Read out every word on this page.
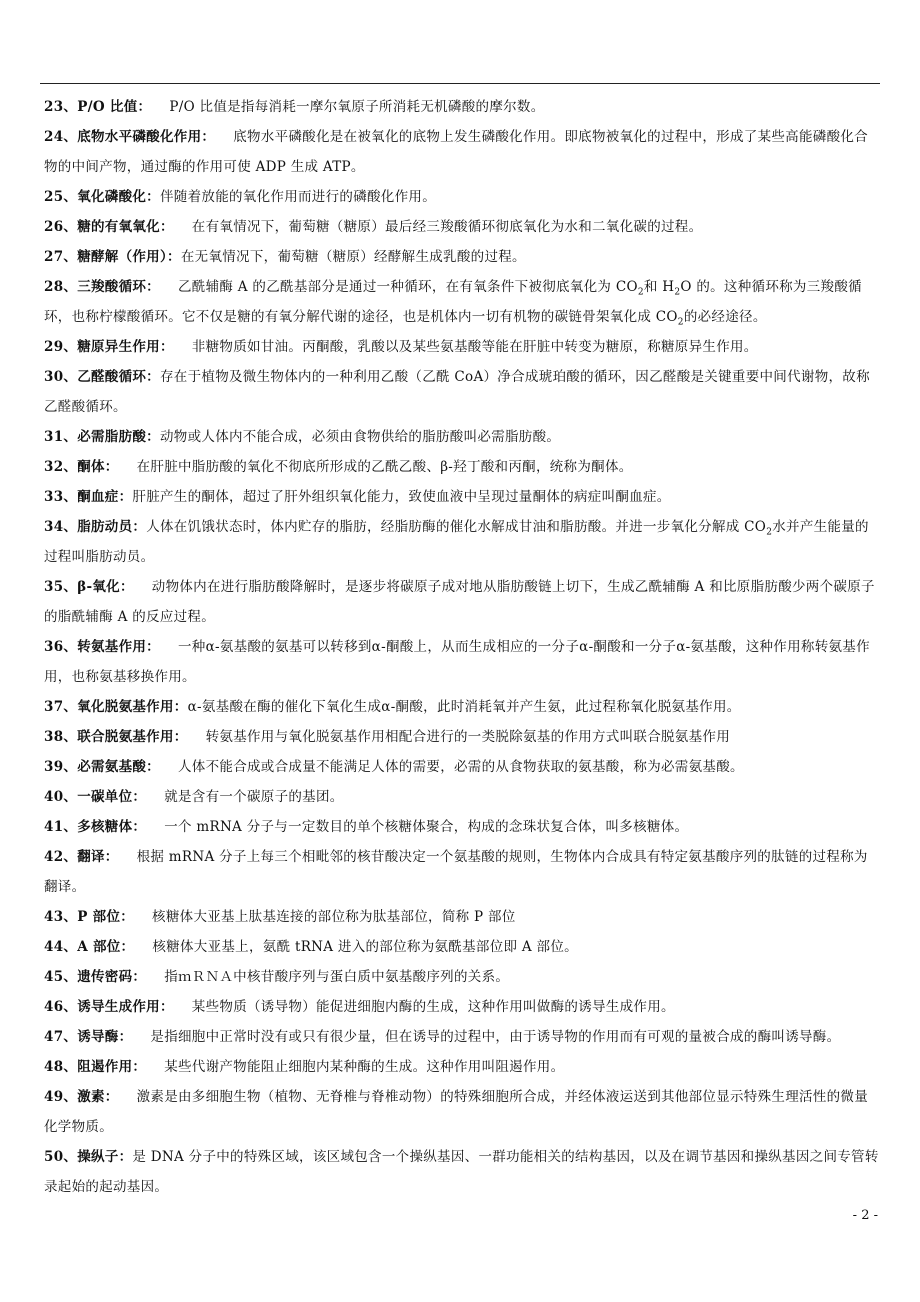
23、P/O 比值： P/O 比值是指每消耗一摩尔氧原子所消耗无机磷酸的摩尔数。
24、底物水平磷酸化作用： 底物水平磷酸化是在被氧化的底物上发生磷酸化作用。即底物被氧化的过程中，形成了某些高能磷酸化合物的中间产物，通过酶的作用可使 ADP 生成 ATP。
25、氧化磷酸化：伴随着放能的氧化作用而进行的磷酸化作用。
26、糖的有氧氧化： 在有氧情况下，葡萄糖（糖原）最后经三羧酸循环彻底氧化为水和二氧化碳的过程。
27、糖酵解（作用）：在无氧情况下，葡萄糖（糖原）经酵解生成乳酸的过程。
28、三羧酸循环： 乙酰辅酶 A 的乙酰基部分是通过一种循环，在有氧条件下被彻底氧化为 $CO_2$和 $H_2O$ 的。这种循环称为三羧酸循环，也称柠檬酸循环。它不仅是糖的有氧分解代谢的途径，也是机体内一切有机物的碳链骨架氧化成 $CO_2$的必经途径。
29、糖原异生作用： 非糖物质如甘油。丙酮酸，乳酸以及某些氨基酸等能在肝脏中转变为糖原，称糖原异生作用。
30、乙醛酸循环：存在于植物及微生物体内的一种利用乙酸（乙酰 CoA）净合成琥珀酸的循环，因乙醛酸是关键重要中间代谢物，故称乙醛酸循环。
31、必需脂肪酸：动物或人体内不能合成，必须由食物供给的脂肪酸叫必需脂肪酸。
32、酮体： 在肝脏中脂肪酸的氧化不彻底所形成的乙酰乙酸、β-羟丁酸和丙酮，统称为酮体。
33、酮血症：肝脏产生的酮体，超过了肝外组织氧化能力，致使血液中呈现过量酮体的病症叫酮血症。
34、脂肪动员：人体在饥饿状态时，体内贮存的脂肪，经脂肪酶的催化水解成甘油和脂肪酸。并进一步氧化分解成 $CO_2$水并产生能量的过程叫脂肪动员。
35、β-氧化： 动物体内在进行脂肪酸降解时，是逐步将碳原子成对地从脂肪酸链上切下，生成乙酰辅酶 A 和比原脂肪酸少两个碳原子的脂酰辅酶 A 的反应过程。
36、转氨基作用： 一种α-氨基酸的氨基可以转移到α-酮酸上，从而生成相应的一分子α-酮酸和一分子α-氨基酸，这种作用称转氨基作用，也称氨基移换作用。
37、氧化脱氨基作用：α-氨基酸在酶的催化下氧化生成α-酮酸，此时消耗氧并产生氨，此过程称氧化脱氨基作用。
38、联合脱氨基作用： 转氨基作用与氧化脱氨基作用相配合进行的一类脱除氨基的作用方式叫联合脱氨基作用
39、必需氨基酸： 人体不能合成或合成量不能满足人体的需要，必需的从食物获取的氨基酸，称为必需氨基酸。
40、一碳单位： 就是含有一个碳原子的基团。
41、多核糖体： 一个 mRNA 分子与一定数目的单个核糖体聚合，构成的念珠状复合体，叫多核糖体。
42、翻译： 根据 mRNA 分子上每三个相毗邻的核苷酸决定一个氨基酸的规则，生物体内合成具有特定氨基酸序列的肽链的过程称为翻译。
43、P 部位： 核糖体大亚基上肽基连接的部位称为肽基部位，简称 P 部位
44、A 部位： 核糖体大亚基上，氨酰 tRNA 进入的部位称为氨酰基部位即 A 部位。
45、遗传密码： 指ｍＲＮＡ中核苷酸序列与蛋白质中氨基酸序列的关系。
46、诱导生成作用： 某些物质（诱导物）能促进细胞内酶的生成，这种作用叫做酶的诱导生成作用。
47、诱导酶： 是指细胞中正常时没有或只有很少量，但在诱导的过程中，由于诱导物的作用而有可观的量被合成的酶叫诱导酶。
48、阻遏作用： 某些代谢产物能阻止细胞内某种酶的生成。这种作用叫阻遏作用。
49、激素： 激素是由多细胞生物（植物、无脊椎与脊椎动物）的特殊细胞所合成，并经体液运送到其他部位显示特殊生理活性的微量化学物质。
50、操纵子：是 DNA 分子中的特殊区域，该区域包含一个操纵基因、一群功能相关的结构基因，以及在调节基因和操纵基因之间专管转录起始的起动基因。
- 2 -
